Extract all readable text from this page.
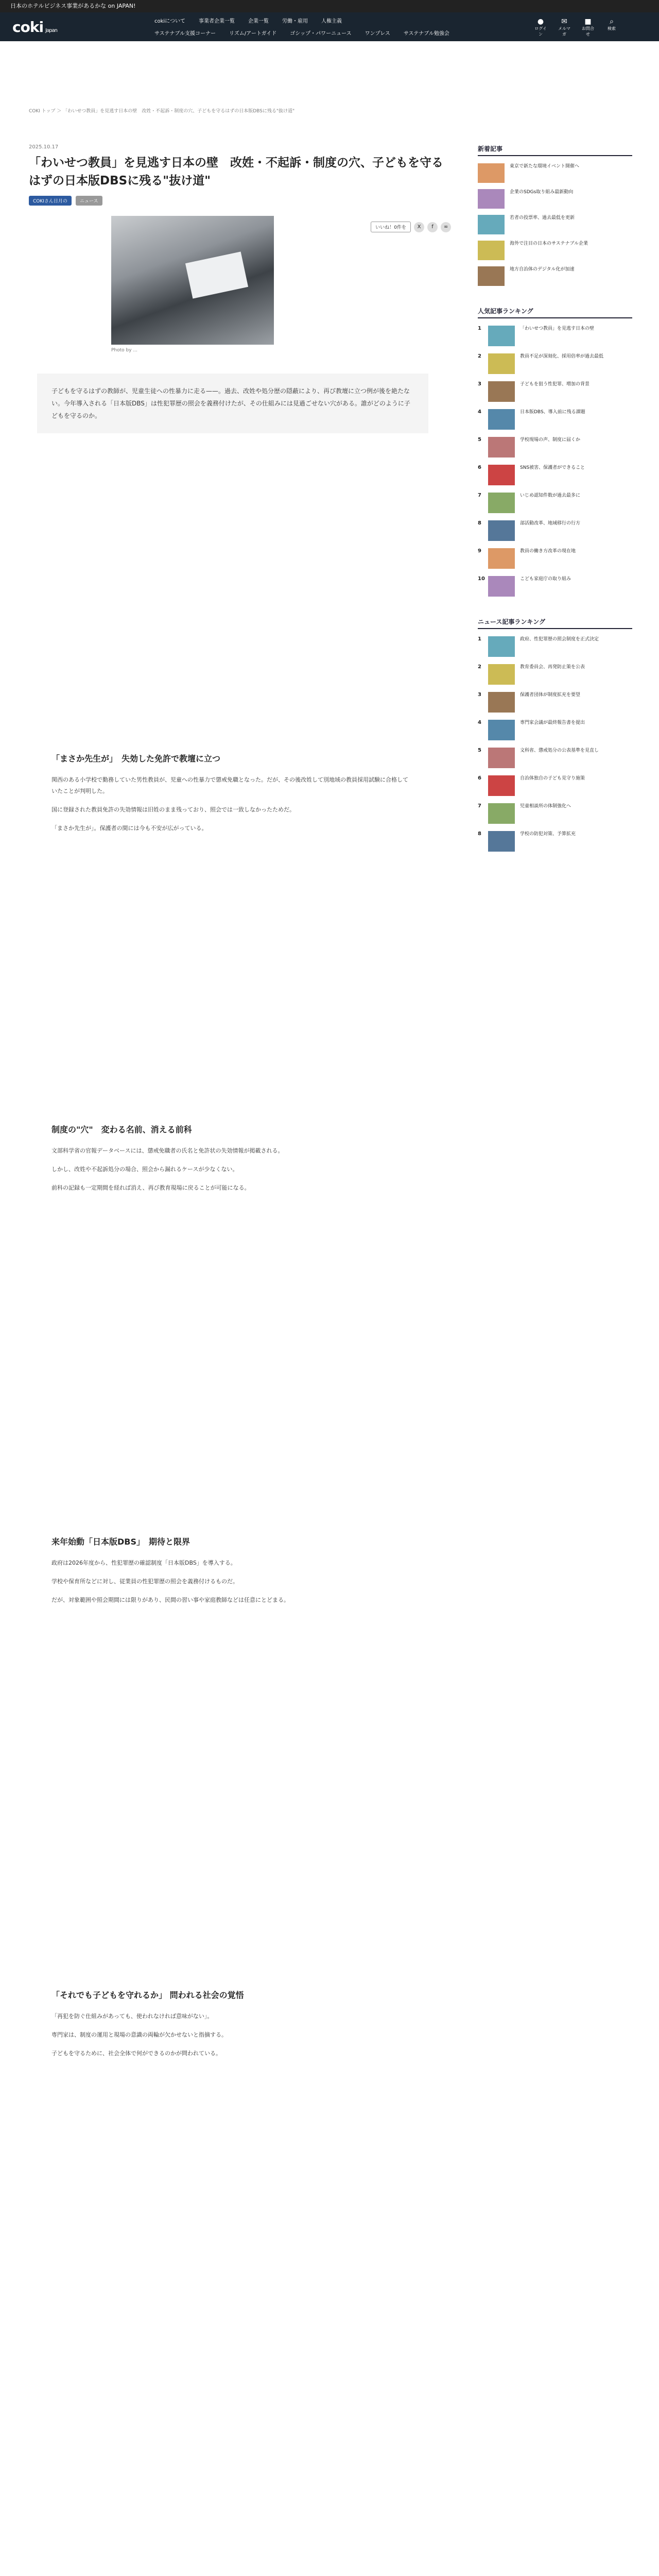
日本のホテルビジネス事業があるかな on JAPAN!
coki Japan
cokiについて	事業者企業一覧	企業一覧	労働・雇用	人権主義
サステナブル支援コーナー	リズム/アートガイド	ゴシップ・パワーニュース	ワンプレス	サステナブル勉強会
●
ログイン
✉
メルマガ
■
お問合せ
⌕
検索
COKI トップ ＞ 「わいせつ教員」を見逃す日本の壁　改姓・不起訴・制度の穴、子どもを守るはずの日本版DBSに残る"抜け道"
2025.10.17
「わいせつ教員」を見逃す日本の壁　改姓・不起訴・制度の穴、子どもを守るはずの日本版DBSに残る"抜け道"
COKIさん日月の	ニュース
いいね！0件を	X	f	∞
Photo by ...
子どもを守るはずの教師が、児童生徒への性暴力に走る——。過去、改姓や処分歴の隠蔽により、再び教壇に立つ例が後を絶たない。今年導入される「日本版DBS」は性犯罪歴の照会を義務付けたが、その仕組みには見過ごせない穴がある。誰がどのように子どもを守るのか。
「まさか先生が」　失効した免許で教壇に立つ

関西のある小学校で勤務していた男性教員が、児童への性暴力で懲戒免職となった。だが、その後改姓して別地域の教員採用試験に合格していたことが判明した。

国に登録された教員免許の失効情報は旧姓のまま残っており、照会では一致しなかったためだ。

「まさか先生が」。保護者の間には今も不安が広がっている。

制度の"穴"　変わる名前、消える前科

文部科学省の官報データベースには、懲戒免職者の氏名と免許状の失効情報が掲載される。

しかし、改姓や不起訴処分の場合、照会から漏れるケースが少なくない。

前科の記録も一定期間を経れば消え、再び教育現場に戻ることが可能になる。

来年始動「日本版DBS」　期待と限界

政府は2026年度から、性犯罪歴の確認制度「日本版DBS」を導入する。

学校や保育所などに対し、従業員の性犯罪歴の照会を義務付けるものだ。

だが、対象範囲や照会期間には限りがあり、民間の習い事や家庭教師などは任意にとどまる。

「それでも子どもを守れるか」 問われる社会の覚悟

「再犯を防ぐ仕組みがあっても、使われなければ意味がない」。

専門家は、制度の運用と現場の意識の両輪が欠かせないと指摘する。

子どもを守るために、社会全体で何ができるのかが問われている。

新着記事
東京で新たな環境イベント開催へ
企業のSDGs取り組み最新動向
若者の投票率、過去最低を更新
海外で注目の日本のサステナブル企業
地方自治体のデジタル化が加速
人気記事ランキング
1	「わいせつ教員」を見逃す日本の壁
2	教員不足が深刻化、採用倍率が過去最低
3	子どもを狙う性犯罪、増加の背景
4	日本版DBS、導入前に残る課題
5	学校現場の声、制度に届くか
6	SNS被害、保護者ができること
7	いじめ認知件数が過去最多に
8	部活動改革、地域移行の行方
9	教員の働き方改革の現在地
10	こども家庭庁の取り組み
ニュース記事ランキング
1	政府、性犯罪歴の照会制度を正式決定
2	教育委員会、再発防止策を公表
3	保護者団体が制度拡充を要望
4	専門家会議が最終報告書を提出
5	文科省、懲戒処分の公表基準を見直し
6	自治体独自の子ども見守り施策
7	児童相談所の体制強化へ
8	学校の防犯対策、予算拡充
